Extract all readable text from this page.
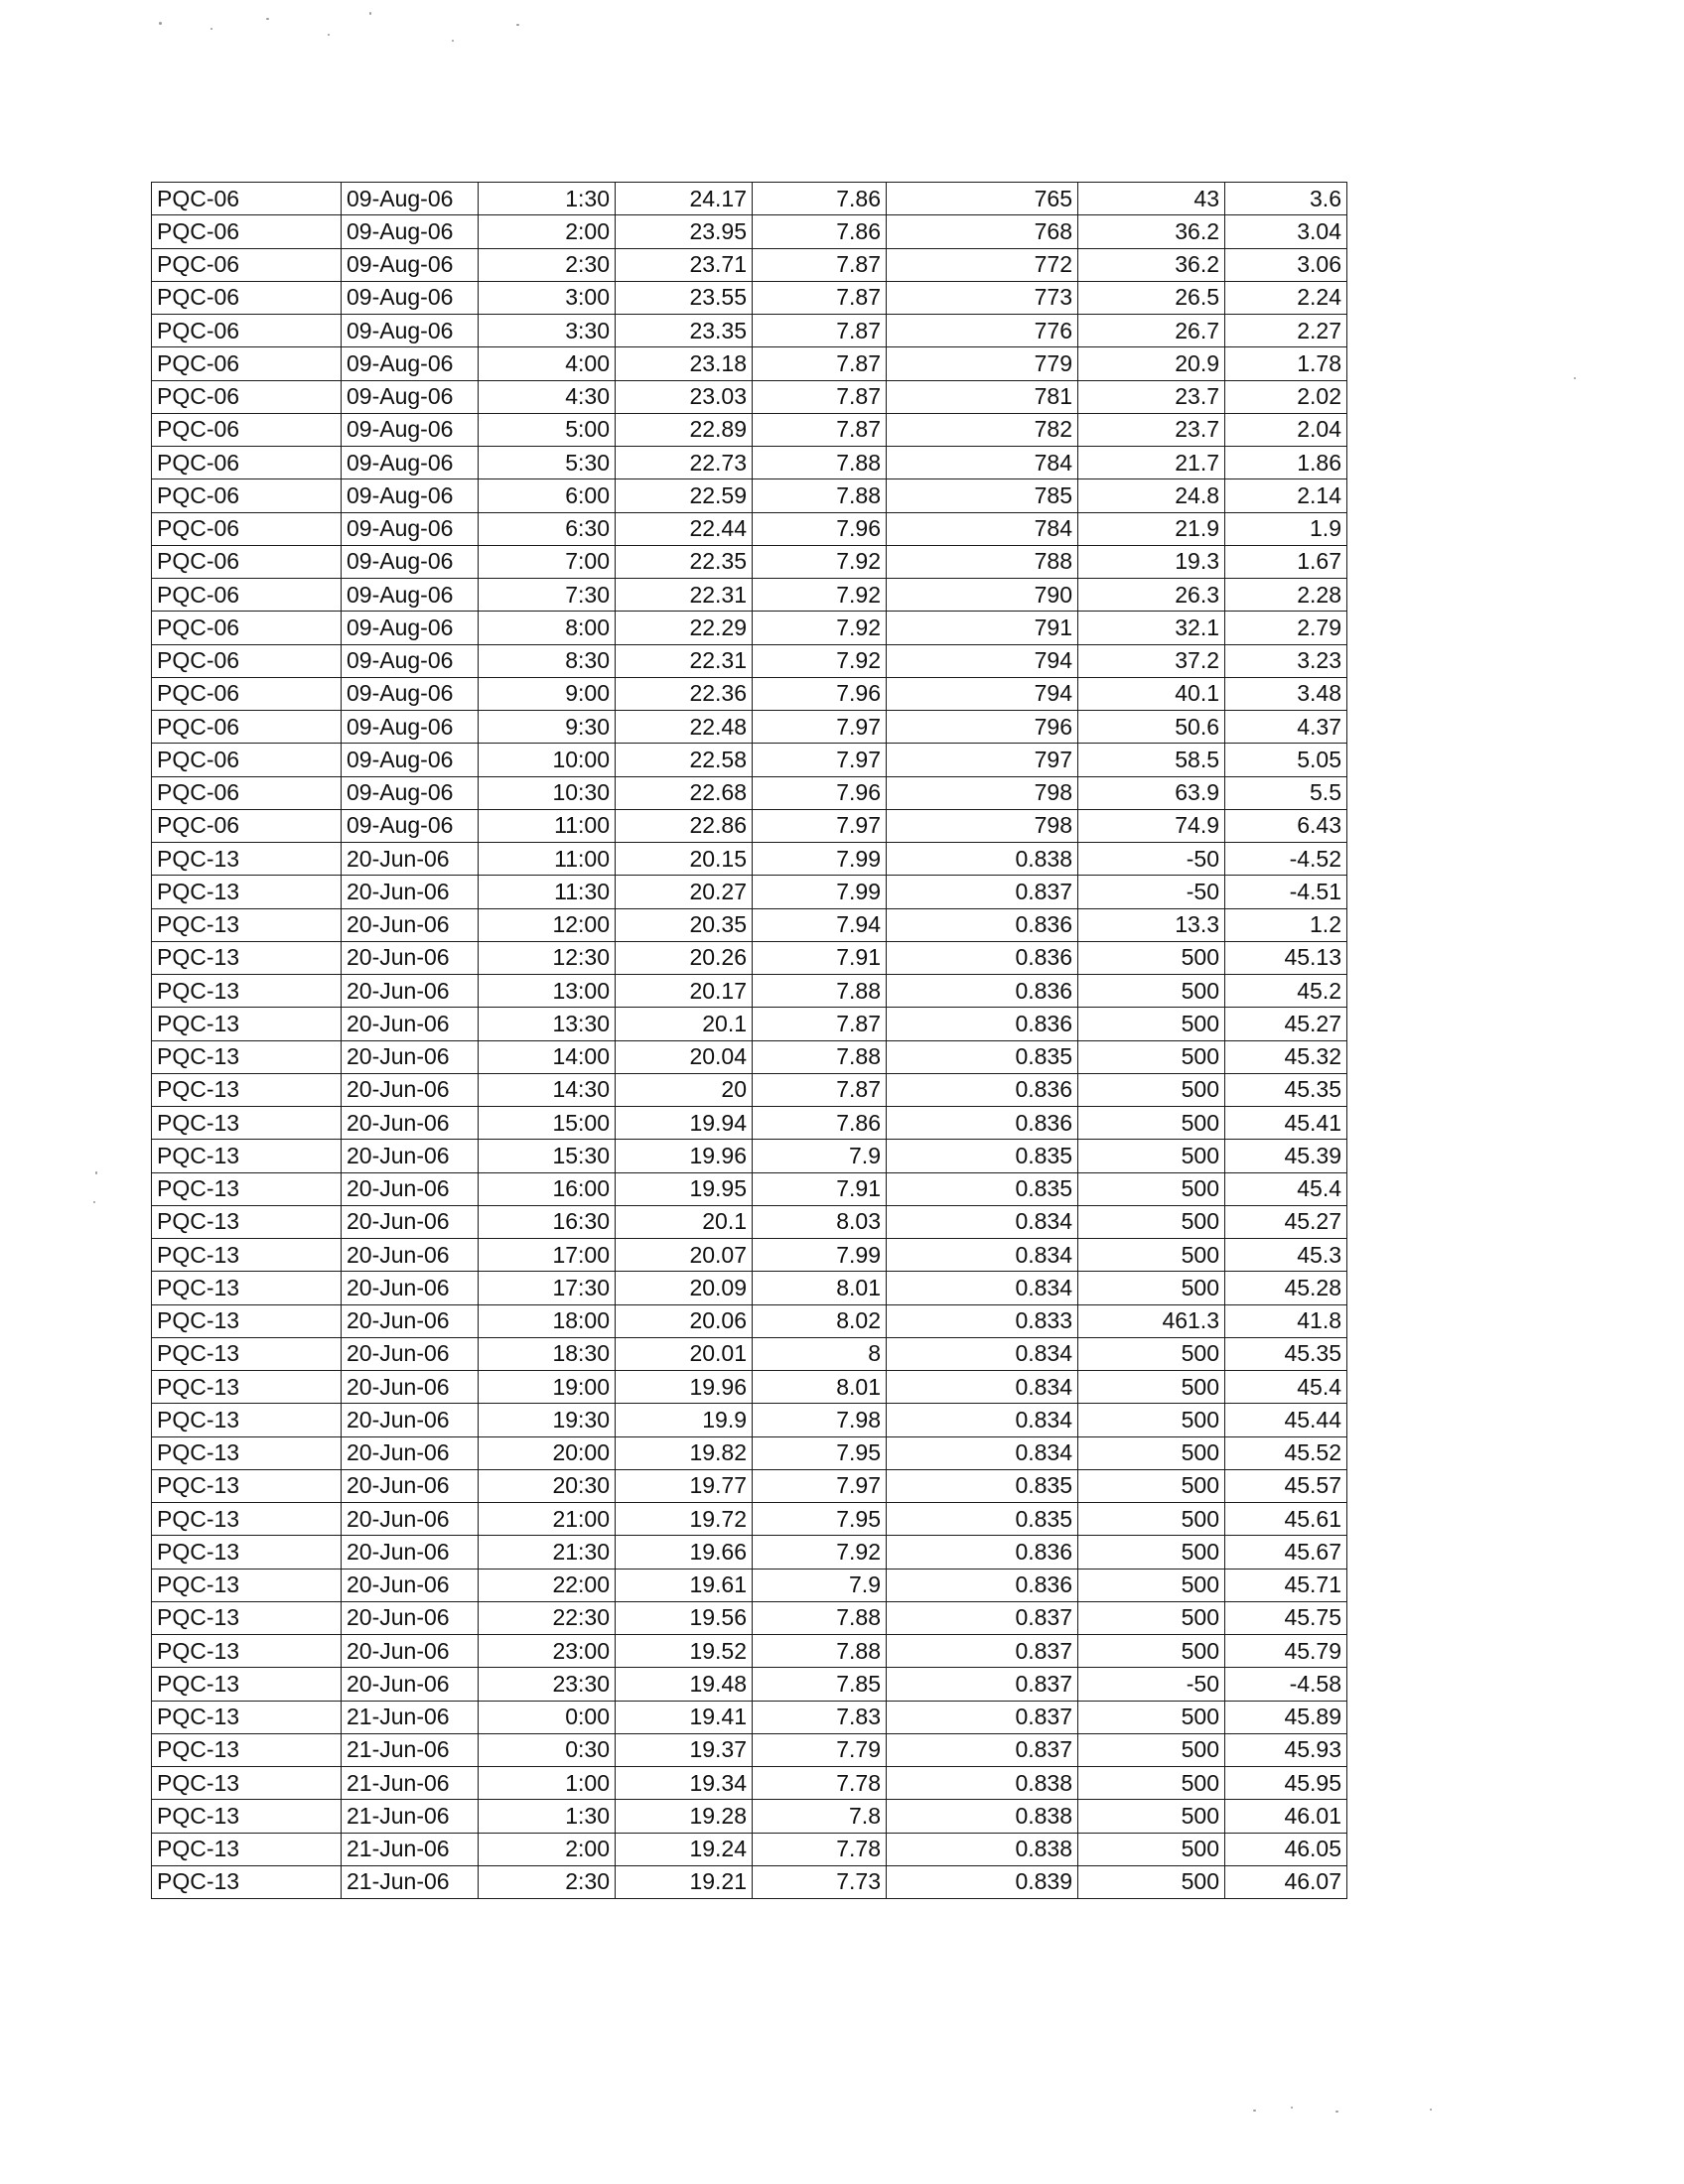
PQC-06	09-Aug-06	1:30	24.17	7.86	765	43	3.6
PQC-06	09-Aug-06	2:00	23.95	7.86	768	36.2	3.04
PQC-06	09-Aug-06	2:30	23.71	7.87	772	36.2	3.06
PQC-06	09-Aug-06	3:00	23.55	7.87	773	26.5	2.24
PQC-06	09-Aug-06	3:30	23.35	7.87	776	26.7	2.27
PQC-06	09-Aug-06	4:00	23.18	7.87	779	20.9	1.78
PQC-06	09-Aug-06	4:30	23.03	7.87	781	23.7	2.02
PQC-06	09-Aug-06	5:00	22.89	7.87	782	23.7	2.04
PQC-06	09-Aug-06	5:30	22.73	7.88	784	21.7	1.86
PQC-06	09-Aug-06	6:00	22.59	7.88	785	24.8	2.14
PQC-06	09-Aug-06	6:30	22.44	7.96	784	21.9	1.9
PQC-06	09-Aug-06	7:00	22.35	7.92	788	19.3	1.67
PQC-06	09-Aug-06	7:30	22.31	7.92	790	26.3	2.28
PQC-06	09-Aug-06	8:00	22.29	7.92	791	32.1	2.79
PQC-06	09-Aug-06	8:30	22.31	7.92	794	37.2	3.23
PQC-06	09-Aug-06	9:00	22.36	7.96	794	40.1	3.48
PQC-06	09-Aug-06	9:30	22.48	7.97	796	50.6	4.37
PQC-06	09-Aug-06	10:00	22.58	7.97	797	58.5	5.05
PQC-06	09-Aug-06	10:30	22.68	7.96	798	63.9	5.5
PQC-06	09-Aug-06	11:00	22.86	7.97	798	74.9	6.43
PQC-13	20-Jun-06	11:00	20.15	7.99	0.838	-50	-4.52
PQC-13	20-Jun-06	11:30	20.27	7.99	0.837	-50	-4.51
PQC-13	20-Jun-06	12:00	20.35	7.94	0.836	13.3	1.2
PQC-13	20-Jun-06	12:30	20.26	7.91	0.836	500	45.13
PQC-13	20-Jun-06	13:00	20.17	7.88	0.836	500	45.2
PQC-13	20-Jun-06	13:30	20.1	7.87	0.836	500	45.27
PQC-13	20-Jun-06	14:00	20.04	7.88	0.835	500	45.32
PQC-13	20-Jun-06	14:30	20	7.87	0.836	500	45.35
PQC-13	20-Jun-06	15:00	19.94	7.86	0.836	500	45.41
PQC-13	20-Jun-06	15:30	19.96	7.9	0.835	500	45.39
PQC-13	20-Jun-06	16:00	19.95	7.91	0.835	500	45.4
PQC-13	20-Jun-06	16:30	20.1	8.03	0.834	500	45.27
PQC-13	20-Jun-06	17:00	20.07	7.99	0.834	500	45.3
PQC-13	20-Jun-06	17:30	20.09	8.01	0.834	500	45.28
PQC-13	20-Jun-06	18:00	20.06	8.02	0.833	461.3	41.8
PQC-13	20-Jun-06	18:30	20.01	8	0.834	500	45.35
PQC-13	20-Jun-06	19:00	19.96	8.01	0.834	500	45.4
PQC-13	20-Jun-06	19:30	19.9	7.98	0.834	500	45.44
PQC-13	20-Jun-06	20:00	19.82	7.95	0.834	500	45.52
PQC-13	20-Jun-06	20:30	19.77	7.97	0.835	500	45.57
PQC-13	20-Jun-06	21:00	19.72	7.95	0.835	500	45.61
PQC-13	20-Jun-06	21:30	19.66	7.92	0.836	500	45.67
PQC-13	20-Jun-06	22:00	19.61	7.9	0.836	500	45.71
PQC-13	20-Jun-06	22:30	19.56	7.88	0.837	500	45.75
PQC-13	20-Jun-06	23:00	19.52	7.88	0.837	500	45.79
PQC-13	20-Jun-06	23:30	19.48	7.85	0.837	-50	-4.58
PQC-13	21-Jun-06	0:00	19.41	7.83	0.837	500	45.89
PQC-13	21-Jun-06	0:30	19.37	7.79	0.837	500	45.93
PQC-13	21-Jun-06	1:00	19.34	7.78	0.838	500	45.95
PQC-13	21-Jun-06	1:30	19.28	7.8	0.838	500	46.01
PQC-13	21-Jun-06	2:00	19.24	7.78	0.838	500	46.05
PQC-13	21-Jun-06	2:30	19.21	7.73	0.839	500	46.07
